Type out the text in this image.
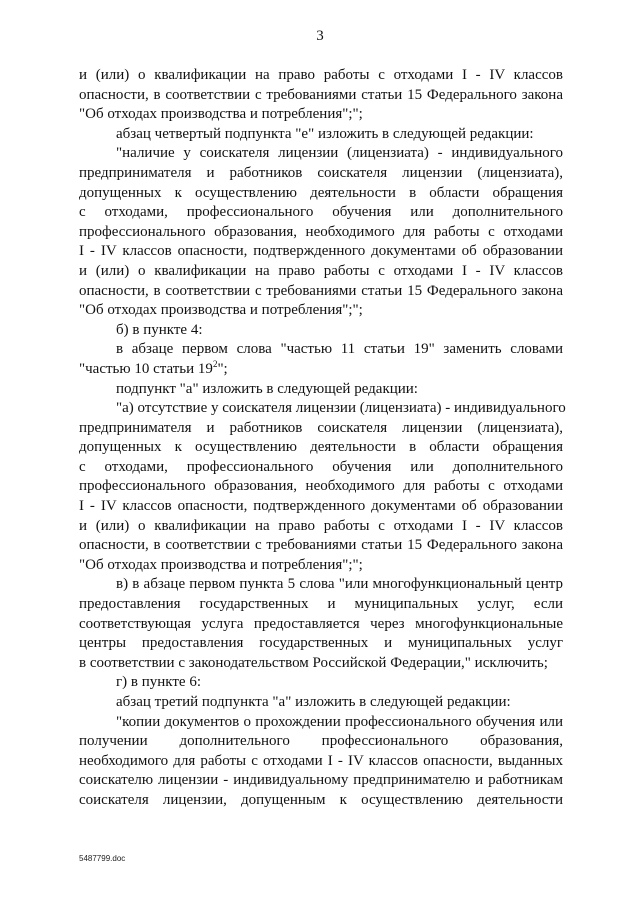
3
и (или) о квалификации на право работы с отходами I - IV классов
опасности, в соответствии с требованиями статьи 15 Федерального закона
"Об отходах производства и потребления";";
абзац четвертый подпункта "е" изложить в следующей редакции:
"наличие у соискателя лицензии (лицензиата) - индивидуального
предпринимателя и работников соискателя лицензии (лицензиата),
допущенных к осуществлению деятельности в области обращения
с отходами, профессионального обучения или дополнительного
профессионального образования, необходимого для работы с отходами
I - IV классов опасности, подтвержденного документами об образовании
и (или) о квалификации на право работы с отходами I - IV классов
опасности, в соответствии с требованиями статьи 15 Федерального закона
"Об отходах производства и потребления";";
б) в пункте 4:
в абзаце первом слова "частью 11 статьи 19" заменить словами
"частью 10 статьи $19^2$";
подпункт "а" изложить в следующей редакции:
"а) отсутствие у соискателя лицензии (лицензиата) - индивидуального
предпринимателя и работников соискателя лицензии (лицензиата),
допущенных к осуществлению деятельности в области обращения
с отходами, профессионального обучения или дополнительного
профессионального образования, необходимого для работы с отходами
I - IV классов опасности, подтвержденного документами об образовании
и (или) о квалификации на право работы с отходами I - IV классов
опасности, в соответствии с требованиями статьи 15 Федерального закона
"Об отходах производства и потребления";";
в) в абзаце первом пункта 5 слова "или многофункциональный центр
предоставления государственных и муниципальных услуг, если
соответствующая услуга предоставляется через многофункциональные
центры предоставления государственных и муниципальных услуг
в соответствии с законодательством Российской Федерации," исключить;
г) в пункте 6:
абзац третий подпункта "а" изложить в следующей редакции:
"копии документов о прохождении профессионального обучения или
получении дополнительного профессионального образования,
необходимого для работы с отходами I - IV классов опасности, выданных
соискателю лицензии - индивидуальному предпринимателю и работникам
соискателя лицензии, допущенным к осуществлению деятельности
5487799.doc
